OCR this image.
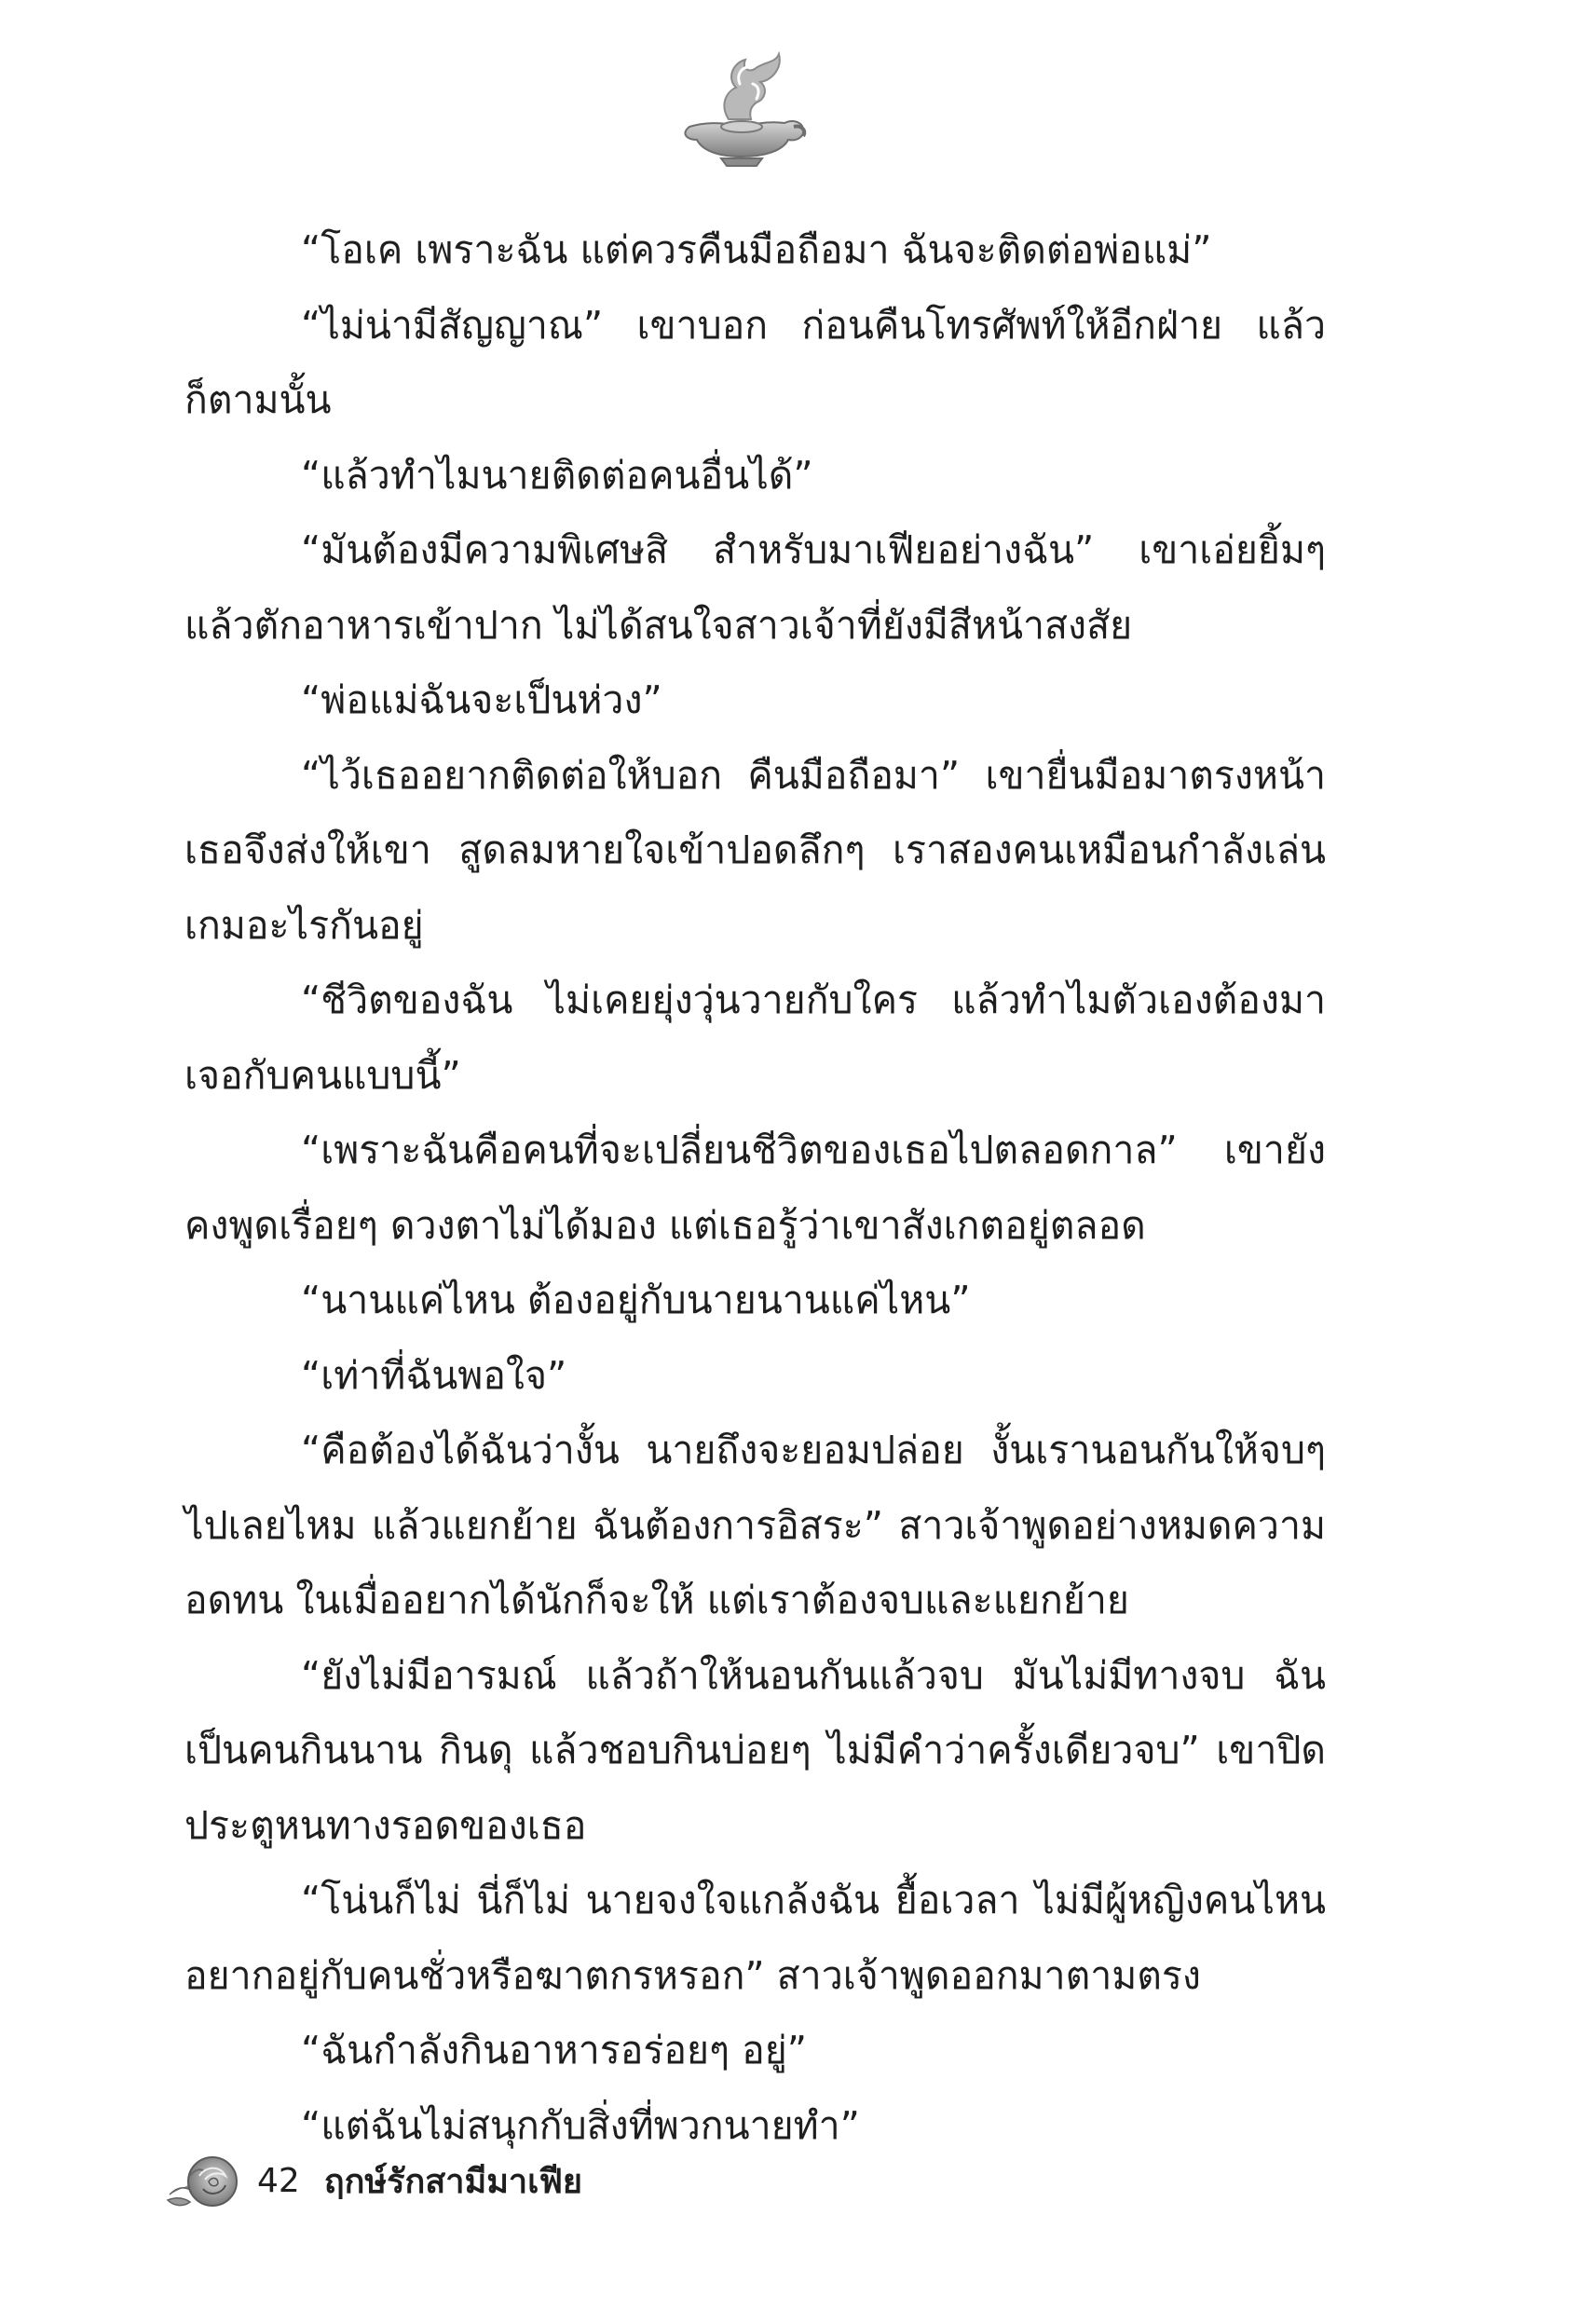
“โอเค เพราะฉัน แต่ควรคืนมือถือมา ฉันจะติดต่อพ่อแม่”

“ไม่น่ามีสัญญาณ” เขาบอก ก่อนคืนโทรศัพท์ให้อีกฝ่าย แล้วก็ตามนั้น

“แล้วทำไมนายติดต่อคนอื่นได้”

“มันต้องมีความพิเศษสิ สำหรับมาเฟียอย่างฉัน” เขาเอ่ยยิ้มๆ แล้วตักอาหารเข้าปาก ไม่ได้สนใจสาวเจ้าที่ยังมีสีหน้าสงสัย

“พ่อแม่ฉันจะเป็นห่วง”

“ไว้เธออยากติดต่อให้บอก คืนมือถือมา” เขายื่นมือมาตรงหน้า เธอจึงส่งให้เขา สูดลมหายใจเข้าปอดลึกๆ เราสองคนเหมือนกำลังเล่นเกมอะไรกันอยู่

“ชีวิตของฉัน ไม่เคยยุ่งวุ่นวายกับใคร แล้วทำไมตัวเองต้องมาเจอกับคนแบบนี้”

“เพราะฉันคือคนที่จะเปลี่ยนชีวิตของเธอไปตลอดกาล” เขายังคงพูดเรื่อยๆ ดวงตาไม่ได้มอง แต่เธอรู้ว่าเขาสังเกตอยู่ตลอด

“นานแค่ไหน ต้องอยู่กับนายนานแค่ไหน”

“เท่าที่ฉันพอใจ”

“คือต้องได้ฉันว่างั้น นายถึงจะยอมปล่อย งั้นเรานอนกันให้จบๆ ไปเลยไหม แล้วแยกย้าย ฉันต้องการอิสระ” สาวเจ้าพูดอย่างหมดความอดทน ในเมื่ออยากได้นักก็จะให้ แต่เราต้องจบและแยกย้าย

“ยังไม่มีอารมณ์ แล้วถ้าให้นอนกันแล้วจบ มันไม่มีทางจบ ฉันเป็นคนกินนาน กินดุ แล้วชอบกินบ่อยๆ ไม่มีคำว่าครั้งเดียวจบ” เขาปิดประตูหนทางรอดของเธอ

“โน่นก็ไม่ นี่ก็ไม่ นายจงใจแกล้งฉัน ยื้อเวลา ไม่มีผู้หญิงคนไหนอยากอยู่กับคนชั่วหรือฆาตกรหรอก” สาวเจ้าพูดออกมาตามตรง

“ฉันกำลังกินอาหารอร่อยๆ อยู่”

“แต่ฉันไม่สนุกกับสิ่งที่พวกนายทำ”

42 ฤกษ์รักสามีมาเฟีย
